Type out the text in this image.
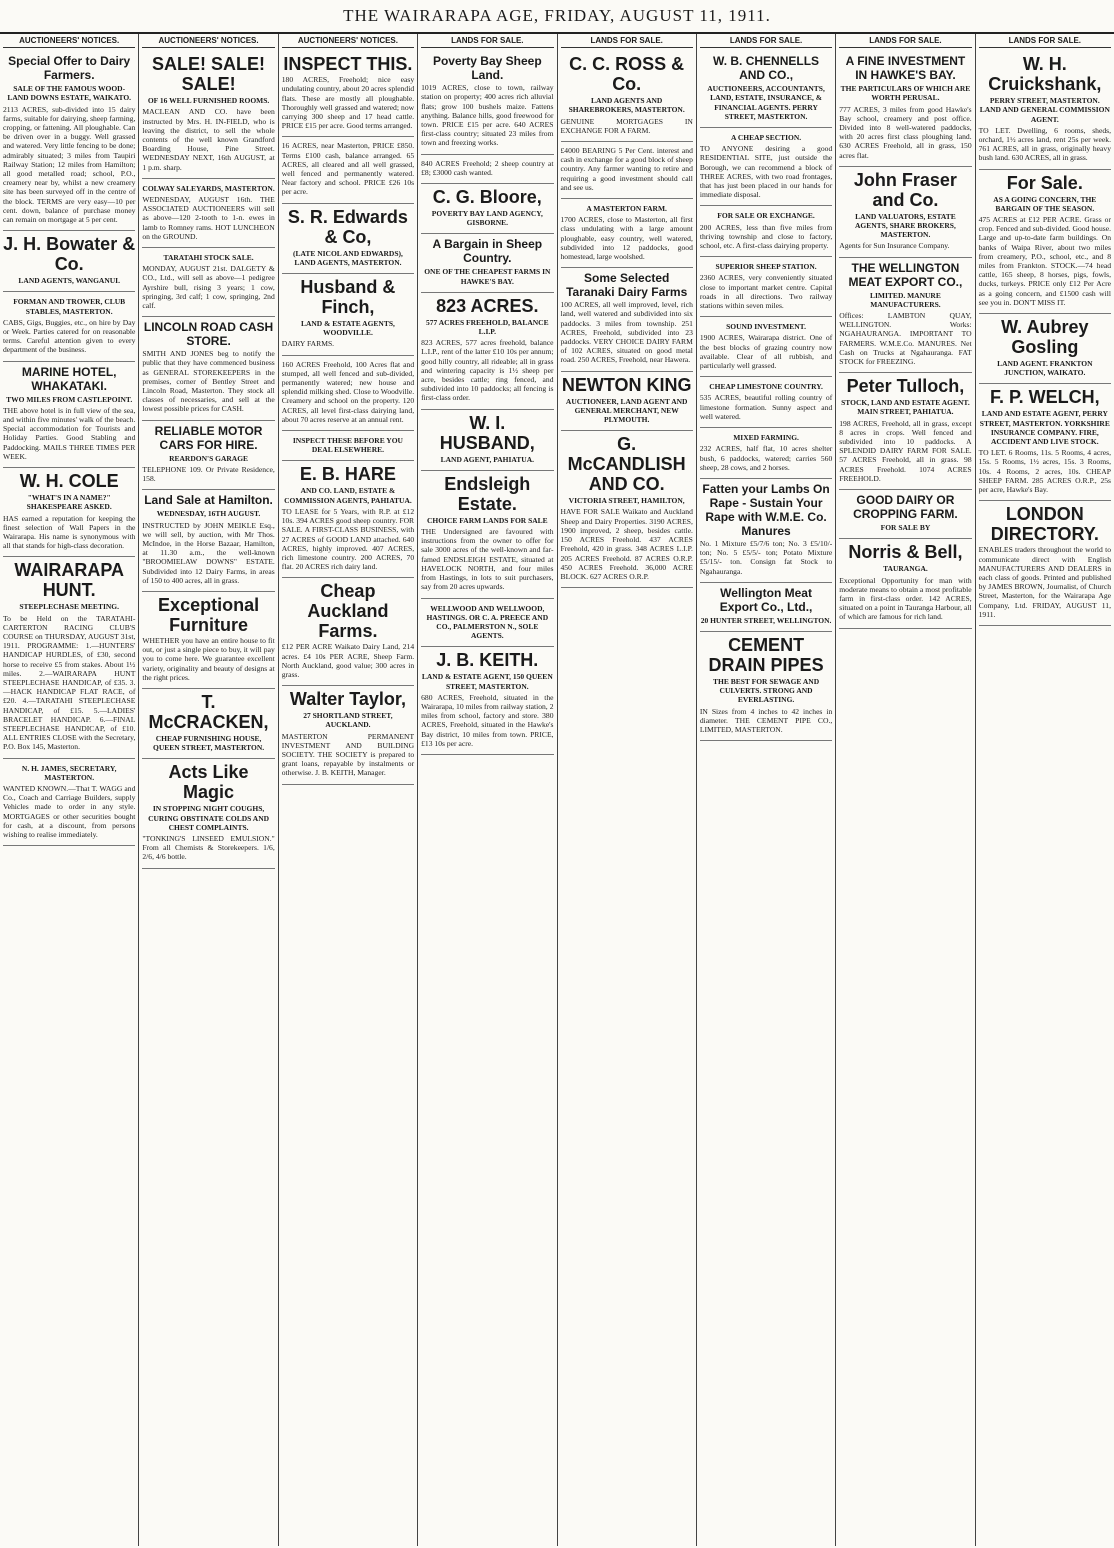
THE WAIRARAPA AGE, FRIDAY, AUGUST 11, 1911.
AUCTIONEERS' NOTICES.
Special Offer to Dairy Farmers.
SALE OF THE FAMOUS WOOD-LAND DOWNS ESTATE, WAIKATO.

2113 ACRES, sub-divided into 15 dairy farms, suitable for dairying, sheep farming, cropping, or fattening. All ploughable. Can be driven over in a buggy. Well grassed and watered. Very little fencing to be done; admirably situated; 3 miles from Taupiri Railway Station; 12 miles from Hamilton; all good metalled road; school, P.O., creamery near by, whilst a new creamery site has been surveyed off in the centre of the block. TERMS are very easy—10 per cent. down, balance of purchase money can remain on mortgage at 5 per cent.

J. H. Bowater & Co.
LAND AGENTS, WANGANUI.
FORMAN AND TROWER, CLUB STABLES, MASTERTON.

CABS, Gigs, Buggies, etc., on hire by Day or Week. Parties catered for on reasonable terms. Careful attention given to every department of the business.

MARINE HOTEL, WHAKATAKI.
TWO MILES FROM CASTLEPOINT.

THE above hotel is in full view of the sea, and within five minutes' walk of the beach. Special accommodation for Tourists and Holiday Parties. Good Stabling and Paddocking. MAILS THREE TIMES PER WEEK.

W. H. COLE
"WHAT'S IN A NAME?" SHAKESPEARE ASKED.

HAS earned a reputation for keeping the finest selection of Wall Papers in the Wairarapa. His name is synonymous with all that stands for high-class decoration.

WAIRARAPA HUNT.
STEEPLECHASE MEETING.

To be Held on the TARATAHI-CARTERTON RACING CLUB'S COURSE on THURSDAY, AUGUST 31st, 1911. PROGRAMME: 1.—HUNTERS' HANDICAP HURDLES, of £30, second horse to receive £5 from stakes. About 1½ miles. 2.—WAIRARAPA HUNT STEEPLECHASE HANDICAP, of £35. 3.—HACK HANDICAP FLAT RACE, of £20. 4.—TARATAHI STEEPLECHASE HANDICAP, of £15. 5.—LADIES' BRACELET HANDICAP. 6.—FINAL STEEPLECHASE HANDICAP, of £10. ALL ENTRIES CLOSE with the Secretary, P.O. Box 145, Masterton.

N. H. JAMES, SECRETARY, MASTERTON.

WANTED KNOWN.—That T. WAGG and Co., Coach and Carriage Builders, supply Vehicles made to order in any style. MORTGAGES or other securities bought for cash, at a discount, from persons wishing to realise immediately.

AUCTIONEERS' NOTICES.
SALE! SALE! SALE!
OF 16 WELL FURNISHED ROOMS.

MACLEAN AND CO. have been instructed by Mrs. H. IN-FIELD, who is leaving the district, to sell the whole contents of the well known Grandford Boarding House, Pine Street. WEDNESDAY NEXT, 16th AUGUST, at 1 p.m. sharp.

COLWAY SALEYARDS, MASTERTON.

WEDNESDAY, AUGUST 16th. THE ASSOCIATED AUCTIONEERS will sell as above—120 2-tooth to 1-n. ewes in lamb to Romney rams. HOT LUNCHEON on the GROUND.

TARATAHI STOCK SALE.

MONDAY, AUGUST 21st. DALGETY & CO., Ltd., will sell as above—1 pedigree Ayrshire bull, rising 3 years; 1 cow, springing, 3rd calf; 1 cow, springing, 2nd calf.

LINCOLN ROAD CASH STORE.

SMITH AND JONES beg to notify the public that they have commenced business as GENERAL STOREKEEPERS in the premises, corner of Bentley Street and Lincoln Road, Masterton. They stock all classes of necessaries, and sell at the lowest possible prices for CASH.

RELIABLE MOTOR CARS FOR HIRE.
REARDON'S GARAGE

TELEPHONE 109. Or Private Residence, 158.

Land Sale at Hamilton.
WEDNESDAY, 16TH AUGUST.

INSTRUCTED by JOHN MEIKLE Esq., we will sell, by auction, with Mr Thos. McIndoe, in the Horse Bazaar, Hamilton, at 11.30 a.m., the well-known "BROOMIELAW DOWNS" ESTATE. Subdivided into 12 Dairy Farms, in areas of 150 to 400 acres, all in grass.

Exceptional Furniture

WHETHER you have an entire house to fit out, or just a single piece to buy, it will pay you to come here. We guarantee excellent variety, originality and beauty of designs at the right prices.

T. McCRACKEN,
CHEAP FURNISHING HOUSE, QUEEN STREET, MASTERTON.
Acts Like Magic
IN STOPPING NIGHT COUGHS, CURING OBSTINATE COLDS AND CHEST COMPLAINTS.

"TONKING'S LINSEED EMULSION." From all Chemists & Storekeepers. 1/6, 2/6, 4/6 bottle.

AUCTIONEERS' NOTICES.
INSPECT THIS.

180 ACRES, Freehold; nice easy undulating country, about 20 acres splendid flats. These are mostly all ploughable. Thoroughly well grassed and watered; now carrying 300 sheep and 17 head cattle. PRICE £15 per acre. Good terms arranged.

16 ACRES, near Masterton, PRICE £850. Terms £100 cash, balance arranged. 65 ACRES, all cleared and all well grassed, well fenced and permanently watered. Near factory and school. PRICE £26 10s per acre.

S. R. Edwards & Co,
(LATE NICOL AND EDWARDS), LAND AGENTS, MASTERTON.
Husband & Finch,
LAND & ESTATE AGENTS, WOODVILLE.

DAIRY FARMS.

160 ACRES Freehold, 100 Acres flat and stumped, all well fenced and sub-divided, permanently watered; new house and splendid milking shed. Close to Woodville. Creamery and school on the property. 120 ACRES, all level first-class dairying land, about 70 acres reserve at an annual rent.

INSPECT THESE BEFORE YOU DEAL ELSEWHERE.
E. B. HARE
AND CO. LAND, ESTATE & COMMISSION AGENTS, PAHIATUA.

TO LEASE for 5 Years, with R.P. at £12 10s. 394 ACRES good sheep country. FOR SALE. A FIRST-CLASS BUSINESS, with 27 ACRES of GOOD LAND attached. 640 ACRES, highly improved. 407 ACRES, rich limestone country. 200 ACRES, 70 flat. 20 ACRES rich dairy land.

Cheap Auckland Farms.

£12 PER ACRE Waikato Dairy Land, 214 acres. £4 10s PER ACRE, Sheep Farm. North Auckland, good value; 300 acres in grass.

Walter Taylor,
27 SHORTLAND STREET, AUCKLAND.

MASTERTON PERMANENT INVESTMENT AND BUILDING SOCIETY. THE SOCIETY is prepared to grant loans, repayable by instalments or otherwise. J. B. KEITH, Manager.

LANDS FOR SALE.
Poverty Bay Sheep Land.

1019 ACRES, close to town, railway station on property; 400 acres rich alluvial flats; grow 100 bushels maize. Fattens anything. Balance hills, good freewood for town. PRICE £15 per acre. 640 ACRES first-class country; situated 23 miles from town and freezing works.

840 ACRES Freehold; 2 sheep country at £8; £3000 cash wanted.

C. G. Bloore,
POVERTY BAY LAND AGENCY, GISBORNE.
A Bargain in Sheep Country.
ONE OF THE CHEAPEST FARMS IN HAWKE'S BAY.
823 ACRES.
577 ACRES FREEHOLD, BALANCE L.I.P.

823 ACRES, 577 acres freehold, balance L.I.P., rent of the latter £10 10s per annum; good hilly country, all rideable; all in grass and wintering capacity is 1½ sheep per acre, besides cattle; ring fenced, and subdivided into 10 paddocks; all fencing is first-class order.

W. I. HUSBAND,
LAND AGENT, PAHIATUA.
Endsleigh Estate.
CHOICE FARM LANDS FOR SALE

THE Undersigned are favoured with instructions from the owner to offer for sale 3000 acres of the well-known and far-famed ENDSLEIGH ESTATE, situated at HAVELOCK NORTH, and four miles from Hastings, in lots to suit purchasers, say from 20 acres upwards.

WELLWOOD AND WELLWOOD, HASTINGS. OR C. A. PREECE AND CO., PALMERSTON N., SOLE AGENTS.
J. B. KEITH.
LAND & ESTATE AGENT, 150 QUEEN STREET, MASTERTON.

680 ACRES, Freehold, situated in the Wairarapa, 10 miles from railway station, 2 miles from school, factory and store. 380 ACRES, Freehold, situated in the Hawke's Bay district, 10 miles from town. PRICE, £13 10s per acre.

LANDS FOR SALE.
C. C. ROSS & Co.
LAND AGENTS AND SHAREBROKERS, MASTERTON.

GENUINE MORTGAGES IN EXCHANGE FOR A FARM.

£4000 BEARING 5 Per Cent. interest and cash in exchange for a good block of sheep country. Any farmer wanting to retire and requiring a good investment should call and see us.

A MASTERTON FARM.

1700 ACRES, close to Masterton, all first class undulating with a large amount ploughable, easy country, well watered, subdivided into 12 paddocks, good homestead, large woolshed.

Some Selected Taranaki Dairy Farms

100 ACRES, all well improved, level, rich land, well watered and subdivided into six paddocks. 3 miles from township. 251 ACRES, Freehold, subdivided into 23 paddocks. VERY CHOICE DAIRY FARM of 102 ACRES, situated on good metal road. 250 ACRES, Freehold, near Hawera.

NEWTON KING
AUCTIONEER, LAND AGENT AND GENERAL MERCHANT, NEW PLYMOUTH.
G. McCANDLISH AND CO.
VICTORIA STREET, HAMILTON,

HAVE FOR SALE Waikato and Auckland Sheep and Dairy Properties. 3190 ACRES, 1900 improved, 2 sheep, besides cattle. 150 ACRES Freehold. 437 ACRES Freehold, 420 in grass. 348 ACRES L.I.P. 205 ACRES Freehold. 87 ACRES O.R.P. 450 ACRES Freehold. 36,000 ACRE BLOCK. 627 ACRES O.R.P.

LANDS FOR SALE.
W. B. CHENNELLS AND CO.,
AUCTIONEERS, ACCOUNTANTS, LAND, ESTATE, INSURANCE, & FINANCIAL AGENTS. PERRY STREET, MASTERTON.
A CHEAP SECTION.

TO ANYONE desiring a good RESIDENTIAL SITE, just outside the Borough, we can recommend a block of THREE ACRES, with two road frontages, that has just been placed in our hands for immediate disposal.

FOR SALE OR EXCHANGE.

200 ACRES, less than five miles from thriving township and close to factory, school, etc. A first-class dairying property.

SUPERIOR SHEEP STATION.

2360 ACRES, very conveniently situated close to important market centre. Capital roads in all directions. Two railway stations within seven miles.

SOUND INVESTMENT.

1900 ACRES, Wairarapa district. One of the best blocks of grazing country now available. Clear of all rubbish, and particularly well grassed.

CHEAP LIMESTONE COUNTRY.

535 ACRES, beautiful rolling country of limestone formation. Sunny aspect and well watered.

MIXED FARMING.

232 ACRES, half flat, 10 acres shelter bush, 6 paddocks, watered; carries 560 sheep, 28 cows, and 2 horses.

Fatten your Lambs On Rape - Sustain Your Rape with W.M.E. Co. Manures

No. 1 Mixture £5/7/6 ton; No. 3 £5/10/- ton; No. 5 £5/5/- ton; Potato Mixture £5/15/- ton. Consign fat Stock to Ngahauranga.

Wellington Meat Export Co., Ltd.,
20 HUNTER STREET, WELLINGTON.
CEMENT DRAIN PIPES
THE BEST FOR SEWAGE AND CULVERTS. STRONG AND EVERLASTING.

IN Sizes from 4 inches to 42 inches in diameter. THE CEMENT PIPE CO., LIMITED, MASTERTON.

LANDS FOR SALE.
A FINE INVESTMENT IN HAWKE'S BAY.
THE PARTICULARS OF WHICH ARE WORTH PERUSAL.

777 ACRES, 3 miles from good Hawke's Bay school, creamery and post office. Divided into 8 well-watered paddocks, with 20 acres first class ploughing land. 630 ACRES Freehold, all in grass, 150 acres flat.

John Fraser and Co.
LAND VALUATORS, ESTATE AGENTS, SHARE BROKERS, MASTERTON.

Agents for Sun Insurance Company.

THE WELLINGTON MEAT EXPORT CO.,
LIMITED. MANURE MANUFACTURERS.

Offices: LAMBTON QUAY, WELLINGTON. Works: NGAHAURANGA. IMPORTANT TO FARMERS. W.M.E.Co. MANURES. Net Cash on Trucks at Ngahauranga. FAT STOCK for FREEZING.

Peter Tulloch,
STOCK, LAND AND ESTATE AGENT. MAIN STREET, PAHIATUA.

198 ACRES, Freehold, all in grass, except 8 acres in crops. Well fenced and subdivided into 10 paddocks. A SPLENDID DAIRY FARM FOR SALE. 57 ACRES Freehold, all in grass. 98 ACRES Freehold. 1074 ACRES FREEHOLD.

GOOD DAIRY OR CROPPING FARM.
FOR SALE BY
Norris & Bell,
TAURANGA.

Exceptional Opportunity for man with moderate means to obtain a most profitable farm in first-class order. 142 ACRES, situated on a point in Tauranga Harbour, all of which are famous for rich land.

LANDS FOR SALE.
W. H. Cruickshank,
PERRY STREET, MASTERTON. LAND AND GENERAL COMMISSION AGENT.

TO LET. Dwelling, 6 rooms, sheds, orchard, 1½ acres land, rent 25s per week. 761 ACRES, all in grass, originally heavy bush land. 630 ACRES, all in grass.

For Sale.
AS A GOING CONCERN, THE BARGAIN OF THE SEASON.

475 ACRES at £12 PER ACRE. Grass or crop. Fenced and sub-divided. Good house. Large and up-to-date farm buildings. On banks of Waipa River, about two miles from creamery, P.O., school, etc., and 8 miles from Frankton. STOCK.—74 head cattle, 165 sheep, 8 horses, pigs, fowls, ducks, turkeys. PRICE only £12 Per Acre as a going concern, and £1500 cash will see you in. DON'T MISS IT.

W. Aubrey Gosling
LAND AGENT. FRANKTON JUNCTION, WAIKATO.
F. P. WELCH,
LAND AND ESTATE AGENT, PERRY STREET, MASTERTON. YORKSHIRE INSURANCE COMPANY. FIRE, ACCIDENT AND LIVE STOCK.

TO LET. 6 Rooms, 11s. 5 Rooms, 4 acres, 15s. 5 Rooms, 1½ acres, 15s. 3 Rooms, 10s. 4 Rooms, 2 acres, 10s. CHEAP SHEEP FARM. 285 ACRES O.R.P., 25s per acre, Hawke's Bay.

LONDON DIRECTORY.

ENABLES traders throughout the world to communicate direct with English MANUFACTURERS AND DEALERS in each class of goods. Printed and published by JAMES BROWN, Journalist, of Church Street, Masterton, for the Wairarapa Age Company, Ltd. FRIDAY, AUGUST 11, 1911.
